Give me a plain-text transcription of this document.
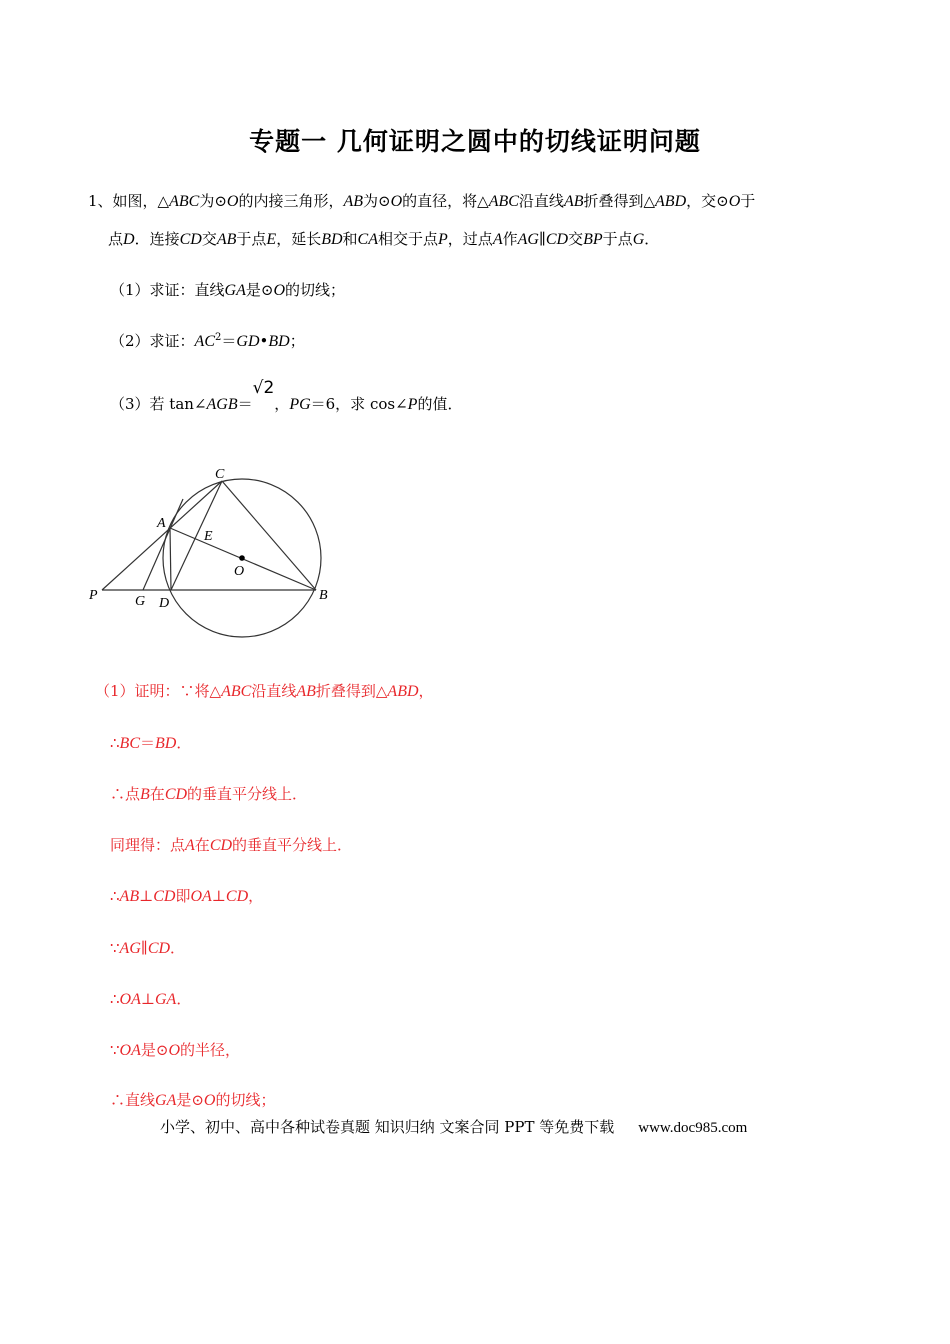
专题一 几何证明之圆中的切线证明问题
1、如图，△ABC为⊙O的内接三角形，AB为⊙O的直径，将△ABC沿直线AB折叠得到△ABD，交⊙O于
点D．连接CD交AB于点E，延长BD和CA相交于点P，过点A作AG∥CD交BP于点G．
（1）求证：直线GA是⊙O的切线；
（2）求证：$AC^2=GD•BD$；
（3）若 tan∠AGB＝√2，PG＝6，求 cos∠P的值．
C
A
E
O
P	G D
B
（1）证明：∵将△ABC沿直线AB折叠得到△ABD，
∴BC＝BD．
∴点B在CD的垂直平分线上．
同理得：点A在CD的垂直平分线上．
∴AB⊥CD即OA⊥CD，
∵AG∥CD．
∴OA⊥GA．
∵OA是⊙O的半径，
∴直线GA是⊙O的切线；
小学、初中、高中各种试卷真题 知识归纳 文案合同 PPT 等免费下载 www.doc985.com
